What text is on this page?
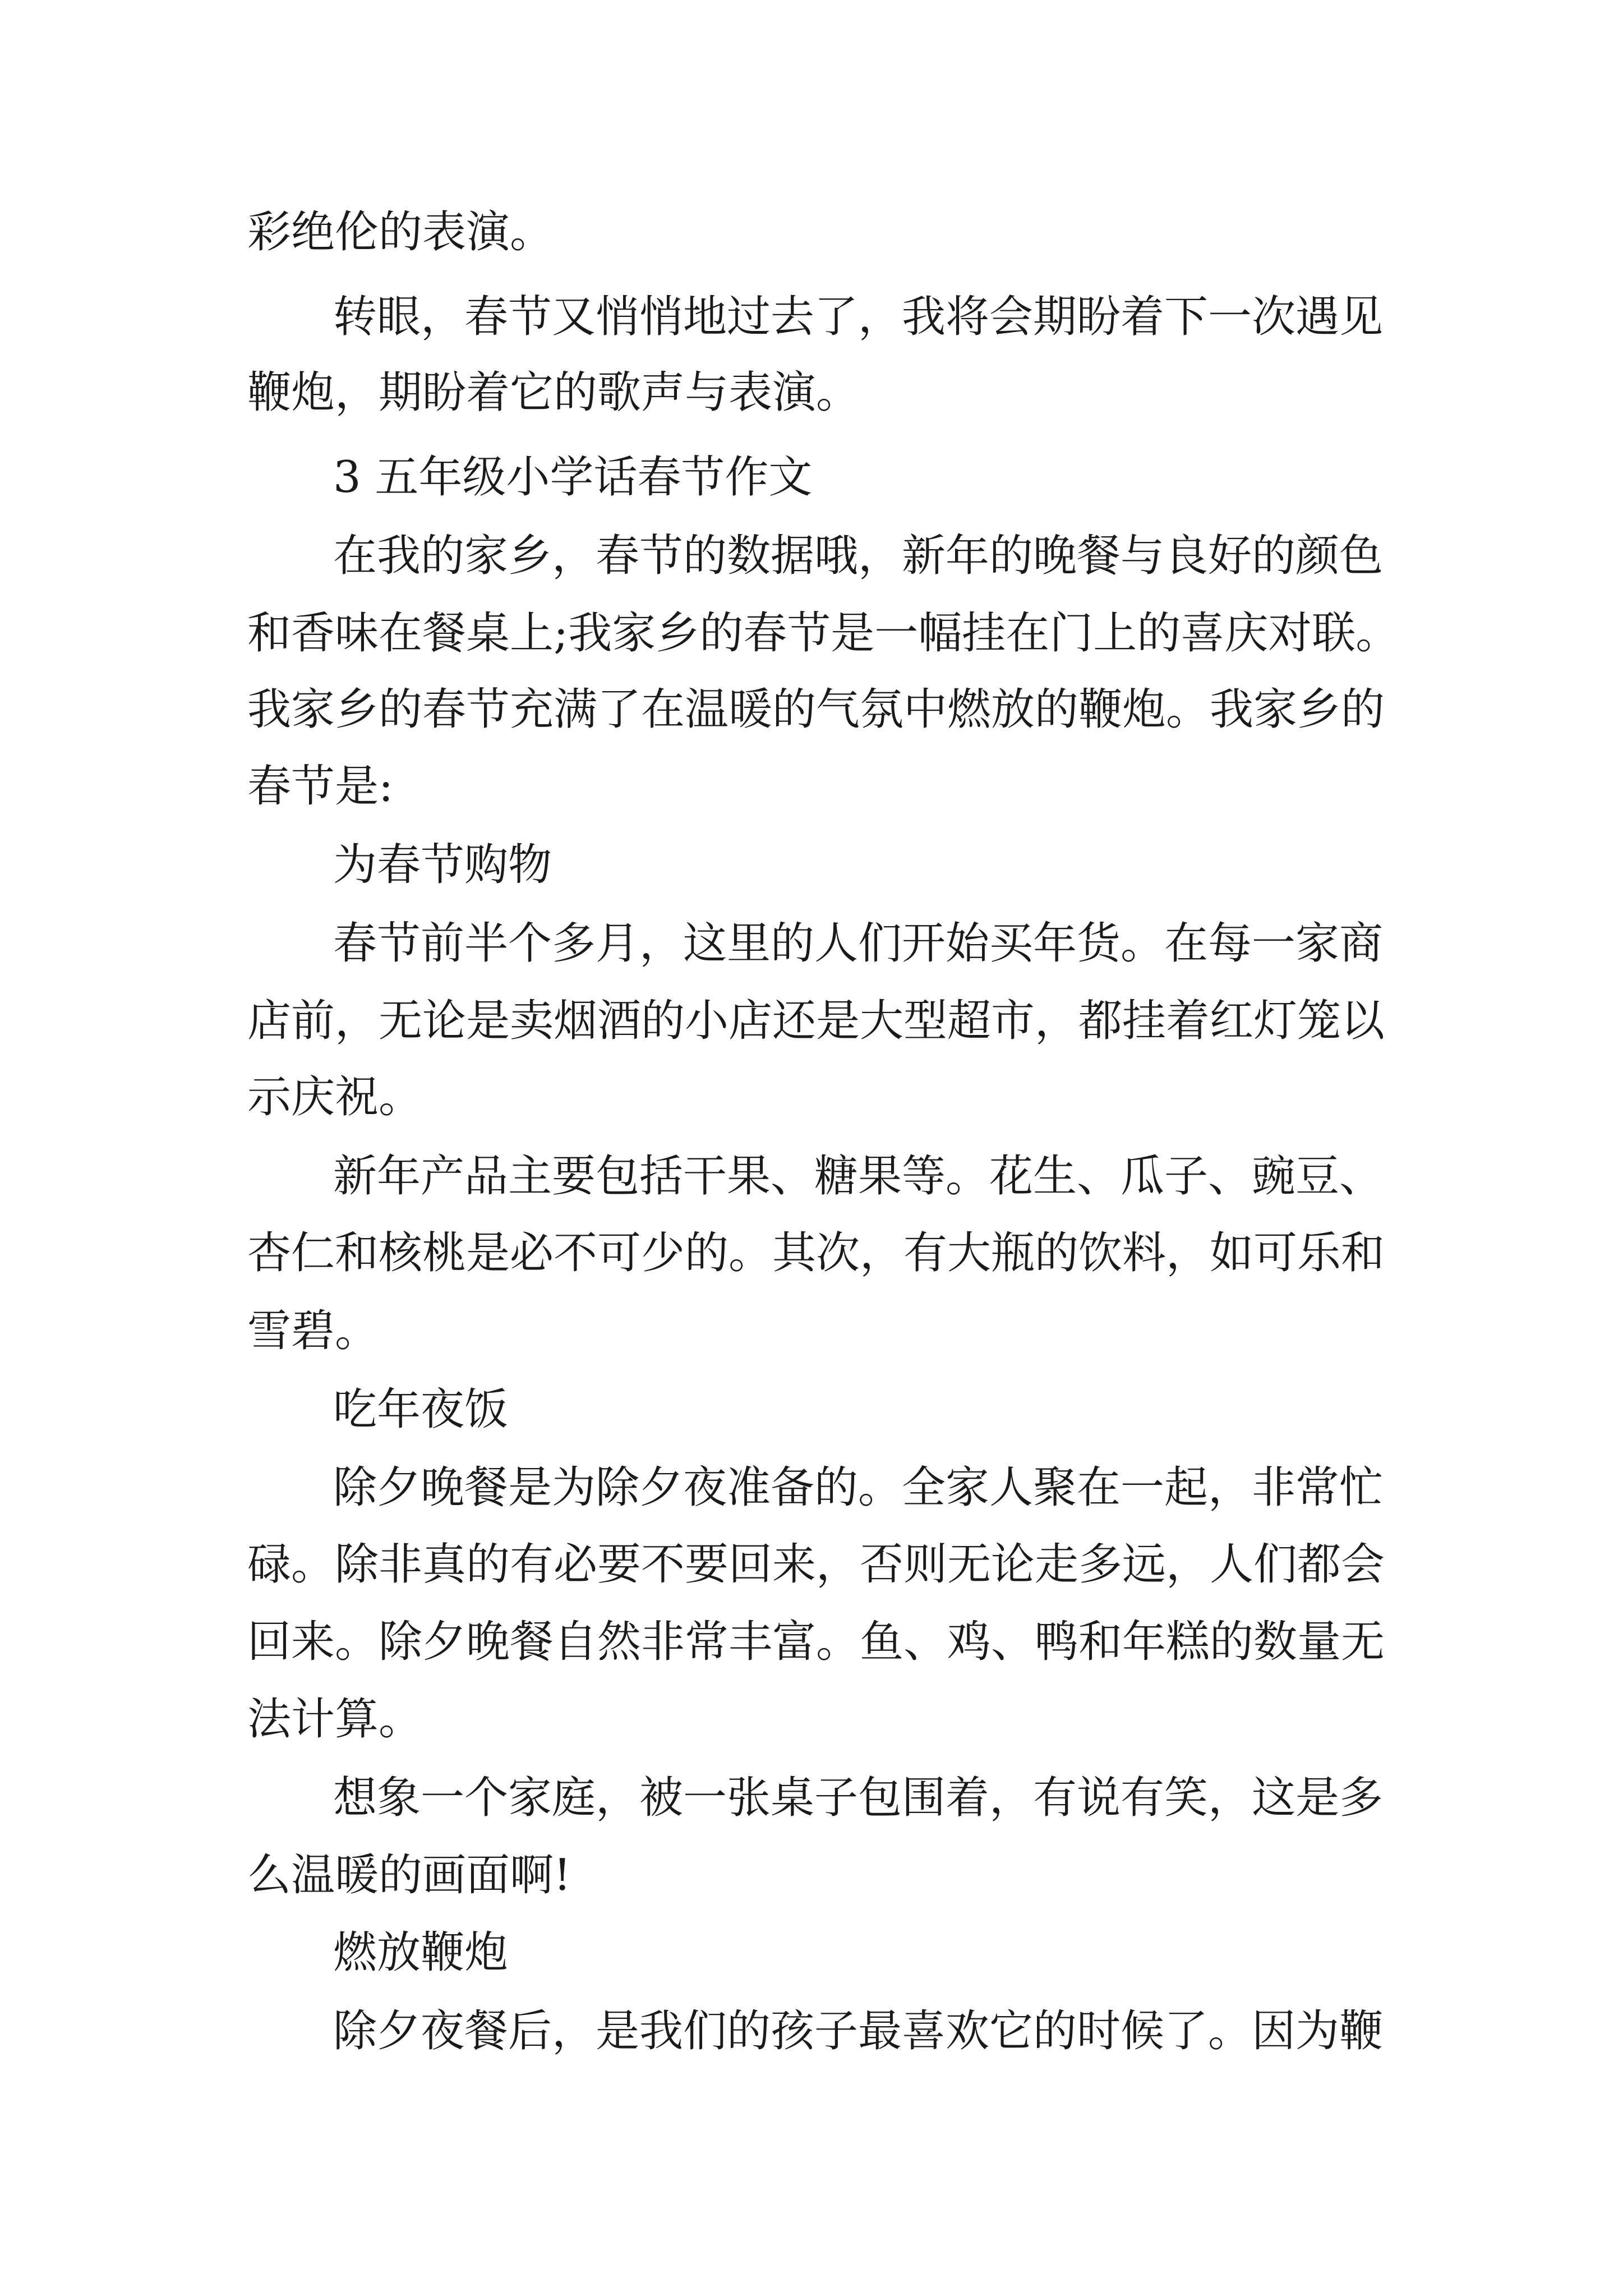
彩绝伦的表演。
转眼，春节又悄悄地过去了，我将会期盼着下一次遇见
鞭炮，期盼着它的歌声与表演。
3 五年级小学话春节作文
在我的家乡，春节的数据哦，新年的晚餐与良好的颜色
和香味在餐桌上;我家乡的春节是一幅挂在门上的喜庆对联。
我家乡的春节充满了在温暖的气氛中燃放的鞭炮。我家乡的
春节是:
为春节购物
春节前半个多月，这里的人们开始买年货。在每一家商
店前，无论是卖烟酒的小店还是大型超市，都挂着红灯笼以
示庆祝。
新年产品主要包括干果、糖果等。花生、瓜子、豌豆、
杏仁和核桃是必不可少的。其次，有大瓶的饮料，如可乐和
雪碧。
吃年夜饭
除夕晚餐是为除夕夜准备的。全家人聚在一起，非常忙
碌。除非真的有必要不要回来，否则无论走多远，人们都会
回来。除夕晚餐自然非常丰富。鱼、鸡、鸭和年糕的数量无
法计算。
想象一个家庭，被一张桌子包围着，有说有笑，这是多
么温暖的画面啊!
燃放鞭炮
除夕夜餐后，是我们的孩子最喜欢它的时候了。因为鞭
